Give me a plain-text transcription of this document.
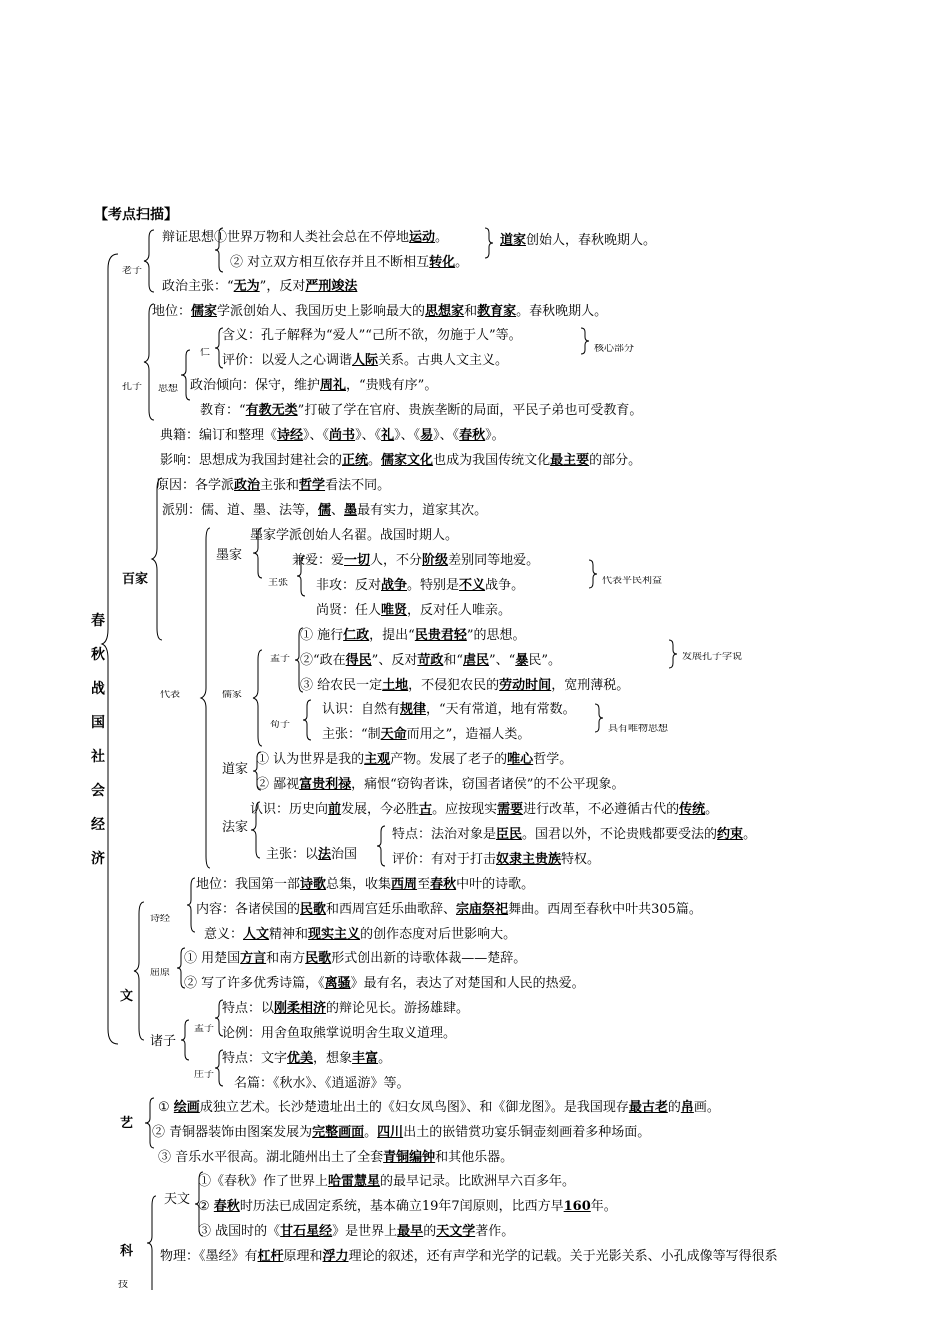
【考点扫描】
春
秋
战
国
社
会
经
济
老子
孔子	思想
仁	核心部分
主张	代表平民利益
代表	儒家
孟子	发展孔子学说
荀子	具有唯物思想
诗经
屈原
孟子
庄子
技
百家
墨家
道家
法家
文
诸子
艺
科
天文
辩证思想①世界万物和人类社会总在不停地运动。	道家创始人，春秋晚期人。
② 对立双方相互依存并且不断相互转化。
政治主张：“无为”，反对严刑竣法
地位：儒家学派创始人、我国历史上影响最大的思想家和教育家。春秋晚期人。
含义：孔子解释为“爱人”“己所不欲，勿施于人”等。
评价：以爱人之心调谐人际关系。古典人文主义。
政治倾向：保守，维护周礼，“贵贱有序”。
教育：“有教无类”打破了学在官府、贵族垄断的局面，平民子弟也可受教育。
典籍：编订和整理《诗经》、《尚书》、《礼》、《易》、《春秋》。
影响：思想成为我国封建社会的正统。儒家文化也成为我国传统文化最主要的部分。
原因：各学派政治主张和哲学看法不同。
派别：儒、道、墨、法等，儒、墨最有实力，道家其次。
墨家学派创始人名翟。战国时期人。
兼爱：爱一切人，不分阶级差别同等地爱。
非攻：反对战争。特别是不义战争。
尚贤：任人唯贤，反对任人唯亲。
① 施行仁政，提出“民贵君轻”的思想。
②“政在得民”、反对苛政和“虐民”、“暴民”。
③ 给农民一定土地，不侵犯农民的劳动时间，宽刑薄税。
认识：自然有规律，“天有常道，地有常数。
主张：“制天命而用之”，造福人类。
① 认为世界是我的主观产物。发展了老子的唯心哲学。
② 鄙视富贵利禄，痛恨“窃钩者诛，窃国者诸侯”的不公平现象。
认识：历史向前发展，今必胜古。应按现实需要进行改革，不必遵循古代的传统。
特点：法治对象是臣民。国君以外，不论贵贱都要受法的约束。
主张：以法治国	评价：有对于打击奴隶主贵族特权。
地位：我国第一部诗歌总集，收集西周至春秋中叶的诗歌。
内容：各诸侯国的民歌和西周宫廷乐曲歌辞、宗庙祭祀舞曲。西周至春秋中叶共305篇。
意义：人文精神和现实主义的创作态度对后世影响大。
① 用楚国方言和南方民歌形式创出新的诗歌体裁——楚辞。
② 写了许多优秀诗篇，《离骚》最有名，表达了对楚国和人民的热爱。
特点：以刚柔相济的辩论见长。游扬雄肆。
论例：用舍鱼取熊掌说明舍生取义道理。
特点：文字优美，想象丰富。
名篇：《秋水》、《逍遥游》等。
① 绘画成独立艺术。长沙楚遗址出土的《妇女凤鸟图》、和《御龙图》。是我国现存最古老的帛画。
② 青铜器装饰由图案发展为完整画面。四川出土的嵌错赏功宴乐铜壶刻画着多种场面。
③ 音乐水平很高。湖北随州出土了全套青铜编钟和其他乐器。
①《春秋》作了世界上哈雷慧星的最早记录。比欧洲早六百多年。
② 春秋时历法已成固定系统，基本确立19年7闰原则，比西方早160年。
③ 战国时的《甘石星经》是世界上最早的天文学著作。
物理：《墨经》有杠杆原理和浮力理论的叙述，还有声学和光学的记载。关于光影关系、小孔成像等写得很系
